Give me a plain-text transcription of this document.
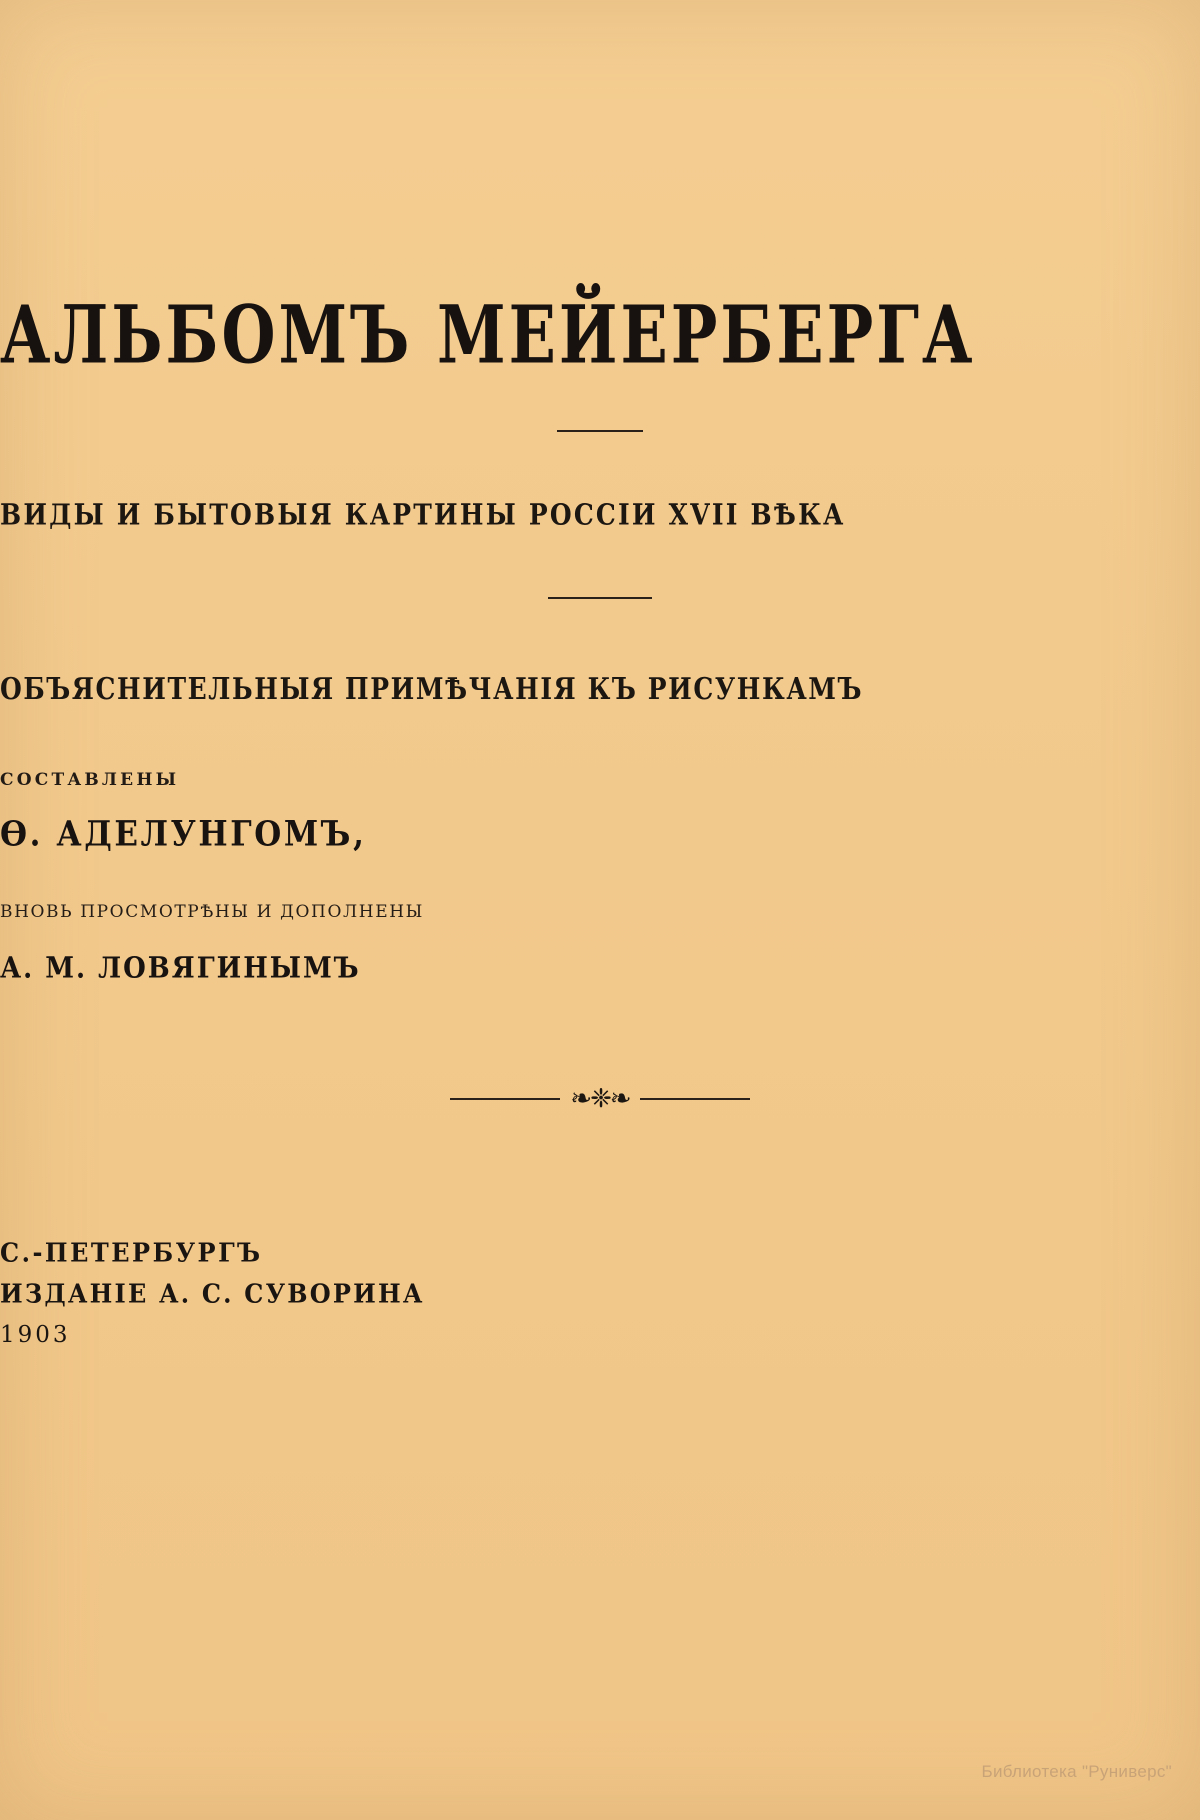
АЛЬБОМЪ МЕЙЕРБЕРГА
ВИДЫ И БЫТОВЫЯ КАРТИНЫ РОССІИ XVII ВѢКА
ОБЪЯСНИТЕЛЬНЫЯ ПРИМѢЧАНІЯ КЪ РИСУНКАМЪ
СОСТАВЛЕНЫ
Ѳ. АДЕЛУНГОМЪ,
ВНОВЬ ПРОСМОТРѢНЫ И ДОПОЛНЕНЫ
А. М. ЛОВЯГИНЫМЪ
❧❈❧
С.-ПЕТЕРБУРГЪ
ИЗДАНІЕ А. С. СУВОРИНА
1903
Библиотека "Руниверс"
